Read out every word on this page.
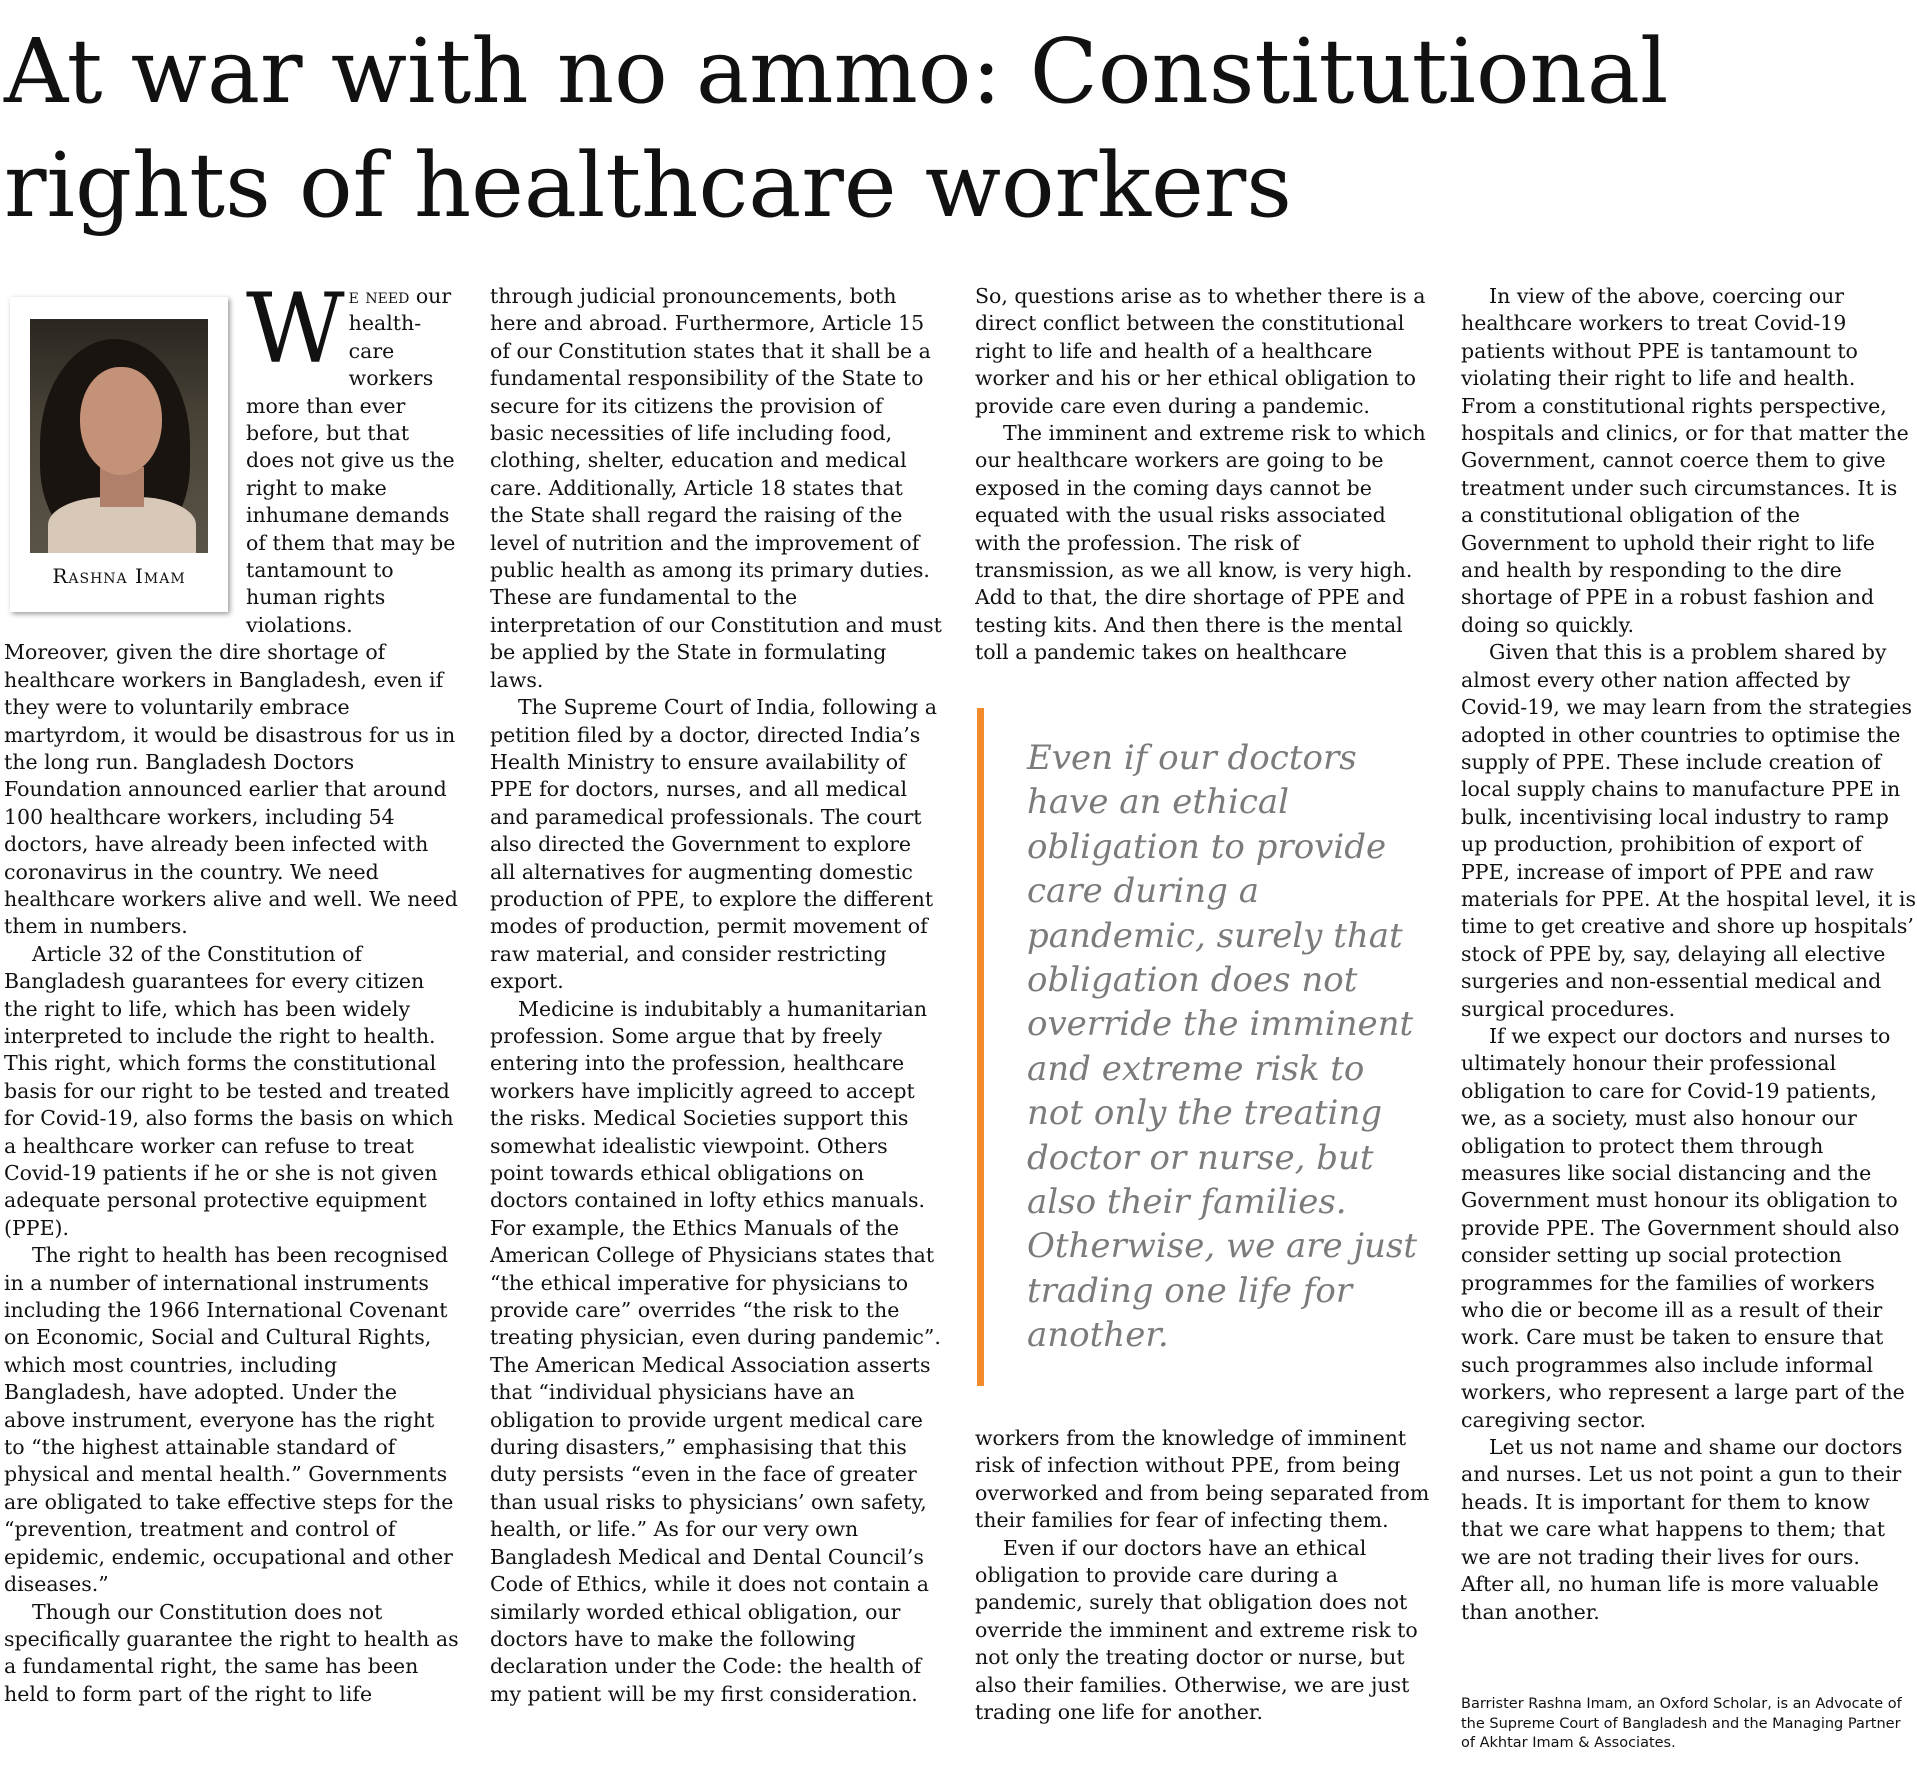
At war with no ammo: Constitutional rights of healthcare workers
Rashna Imam

We need our health-care workers more than ever before, but that does not give us the right to make inhumane demands of them that may be tantamount to human rights violations. Moreover, given the dire shortage of healthcare workers in Bangladesh, even if they were to voluntarily embrace martyrdom, it would be disastrous for us in the long run. Bangladesh Doctors Foundation announced earlier that around 100 healthcare workers, including 54 doctors, have already been infected with coronavirus in the country. We need healthcare workers alive and well. We need them in numbers.

Article 32 of the Constitution of Bangladesh guarantees for every citizen the right to life, which has been widely interpreted to include the right to health. This right, which forms the constitutional basis for our right to be tested and treated for Covid-19, also forms the basis on which a healthcare worker can refuse to treat Covid-19 patients if he or she is not given adequate personal protective equipment (PPE).

The right to health has been recognised in a number of international instruments including the 1966 International Covenant on Economic, Social and Cultural Rights, which most countries, including Bangladesh, have adopted. Under the above instrument, everyone has the right to “the highest attainable standard of physical and mental health.” Governments are obligated to take effective steps for the “prevention, treatment and control of epidemic, endemic, occupational and other diseases.”

Though our Constitution does not specifically guarantee the right to health as a fundamental right, the same has been held to form part of the right to life

through judicial pronouncements, both here and abroad. Furthermore, Article 15 of our Constitution states that it shall be a fundamental responsibility of the State to secure for its citizens the provision of basic necessities of life including food, clothing, shelter, education and medical care. Additionally, Article 18 states that the State shall regard the raising of the level of nutrition and the improvement of public health as among its primary duties. These are fundamental to the interpretation of our Constitution and must be applied by the State in formulating laws.

The Supreme Court of India, following a petition filed by a doctor, directed India’s Health Ministry to ensure availability of PPE for doctors, nurses, and all medical and paramedical professionals. The court also directed the Government to explore all alternatives for augmenting domestic production of PPE, to explore the different modes of production, permit movement of raw material, and consider restricting export.

Medicine is indubitably a humanitarian profession. Some argue that by freely entering into the profession, healthcare workers have implicitly agreed to accept the risks. Medical Societies support this somewhat idealistic viewpoint. Others point towards ethical obligations on doctors contained in lofty ethics manuals. For example, the Ethics Manuals of the American College of Physicians states that “the ethical imperative for physicians to provide care” overrides “the risk to the treating physician, even during pandemic”. The American Medical Association asserts that “individual physicians have an obligation to provide urgent medical care during disasters,” emphasising that this duty persists “even in the face of greater than usual risks to physicians’ own safety, health, or life.” As for our very own Bangladesh Medical and Dental Council’s Code of Ethics, while it does not contain a similarly worded ethical obligation, our doctors have to make the following declaration under the Code: the health of my patient will be my first consideration.

So, questions arise as to whether there is a direct conflict between the constitutional right to life and health of a healthcare worker and his or her ethical obligation to provide care even during a pandemic.

The imminent and extreme risk to which our healthcare workers are going to be exposed in the coming days cannot be equated with the usual risks associated with the profession. The risk of transmission, as we all know, is very high. Add to that, the dire shortage of PPE and testing kits. And then there is the mental toll a pandemic takes on healthcare

Even if our doctors have an ethical obligation to provide care during a pandemic, surely that obligation does not override the imminent and extreme risk to not only the treating doctor or nurse, but also their families. Otherwise, we are just trading one life for another.

workers from the knowledge of imminent risk of infection without PPE, from being overworked and from being separated from their families for fear of infecting them.

Even if our doctors have an ethical obligation to provide care during a pandemic, surely that obligation does not override the imminent and extreme risk to not only the treating doctor or nurse, but also their families. Otherwise, we are just trading one life for another.

In view of the above, coercing our healthcare workers to treat Covid-19 patients without PPE is tantamount to violating their right to life and health. From a constitutional rights perspective, hospitals and clinics, or for that matter the Government, cannot coerce them to give treatment under such circumstances. It is a constitutional obligation of the Government to uphold their right to life and health by responding to the dire shortage of PPE in a robust fashion and doing so quickly.

Given that this is a problem shared by almost every other nation affected by Covid-19, we may learn from the strategies adopted in other countries to optimise the supply of PPE. These include creation of local supply chains to manufacture PPE in bulk, incentivising local industry to ramp up production, prohibition of export of PPE, increase of import of PPE and raw materials for PPE. At the hospital level, it is time to get creative and shore up hospitals’ stock of PPE by, say, delaying all elective surgeries and non-essential medical and surgical procedures.

If we expect our doctors and nurses to ultimately honour their professional obligation to care for Covid-19 patients, we, as a society, must also honour our obligation to protect them through measures like social distancing and the Government must honour its obligation to provide PPE. The Government should also consider setting up social protection programmes for the families of workers who die or become ill as a result of their work. Care must be taken to ensure that such programmes also include informal workers, who represent a large part of the caregiving sector.

Let us not name and shame our doctors and nurses. Let us not point a gun to their heads. It is important for them to know that we care what happens to them; that we are not trading their lives for ours. After all, no human life is more valuable than another.

Barrister Rashna Imam, an Oxford Scholar, is an Advocate of the Supreme Court of Bangladesh and the Managing Partner of Akhtar Imam & Associates.
